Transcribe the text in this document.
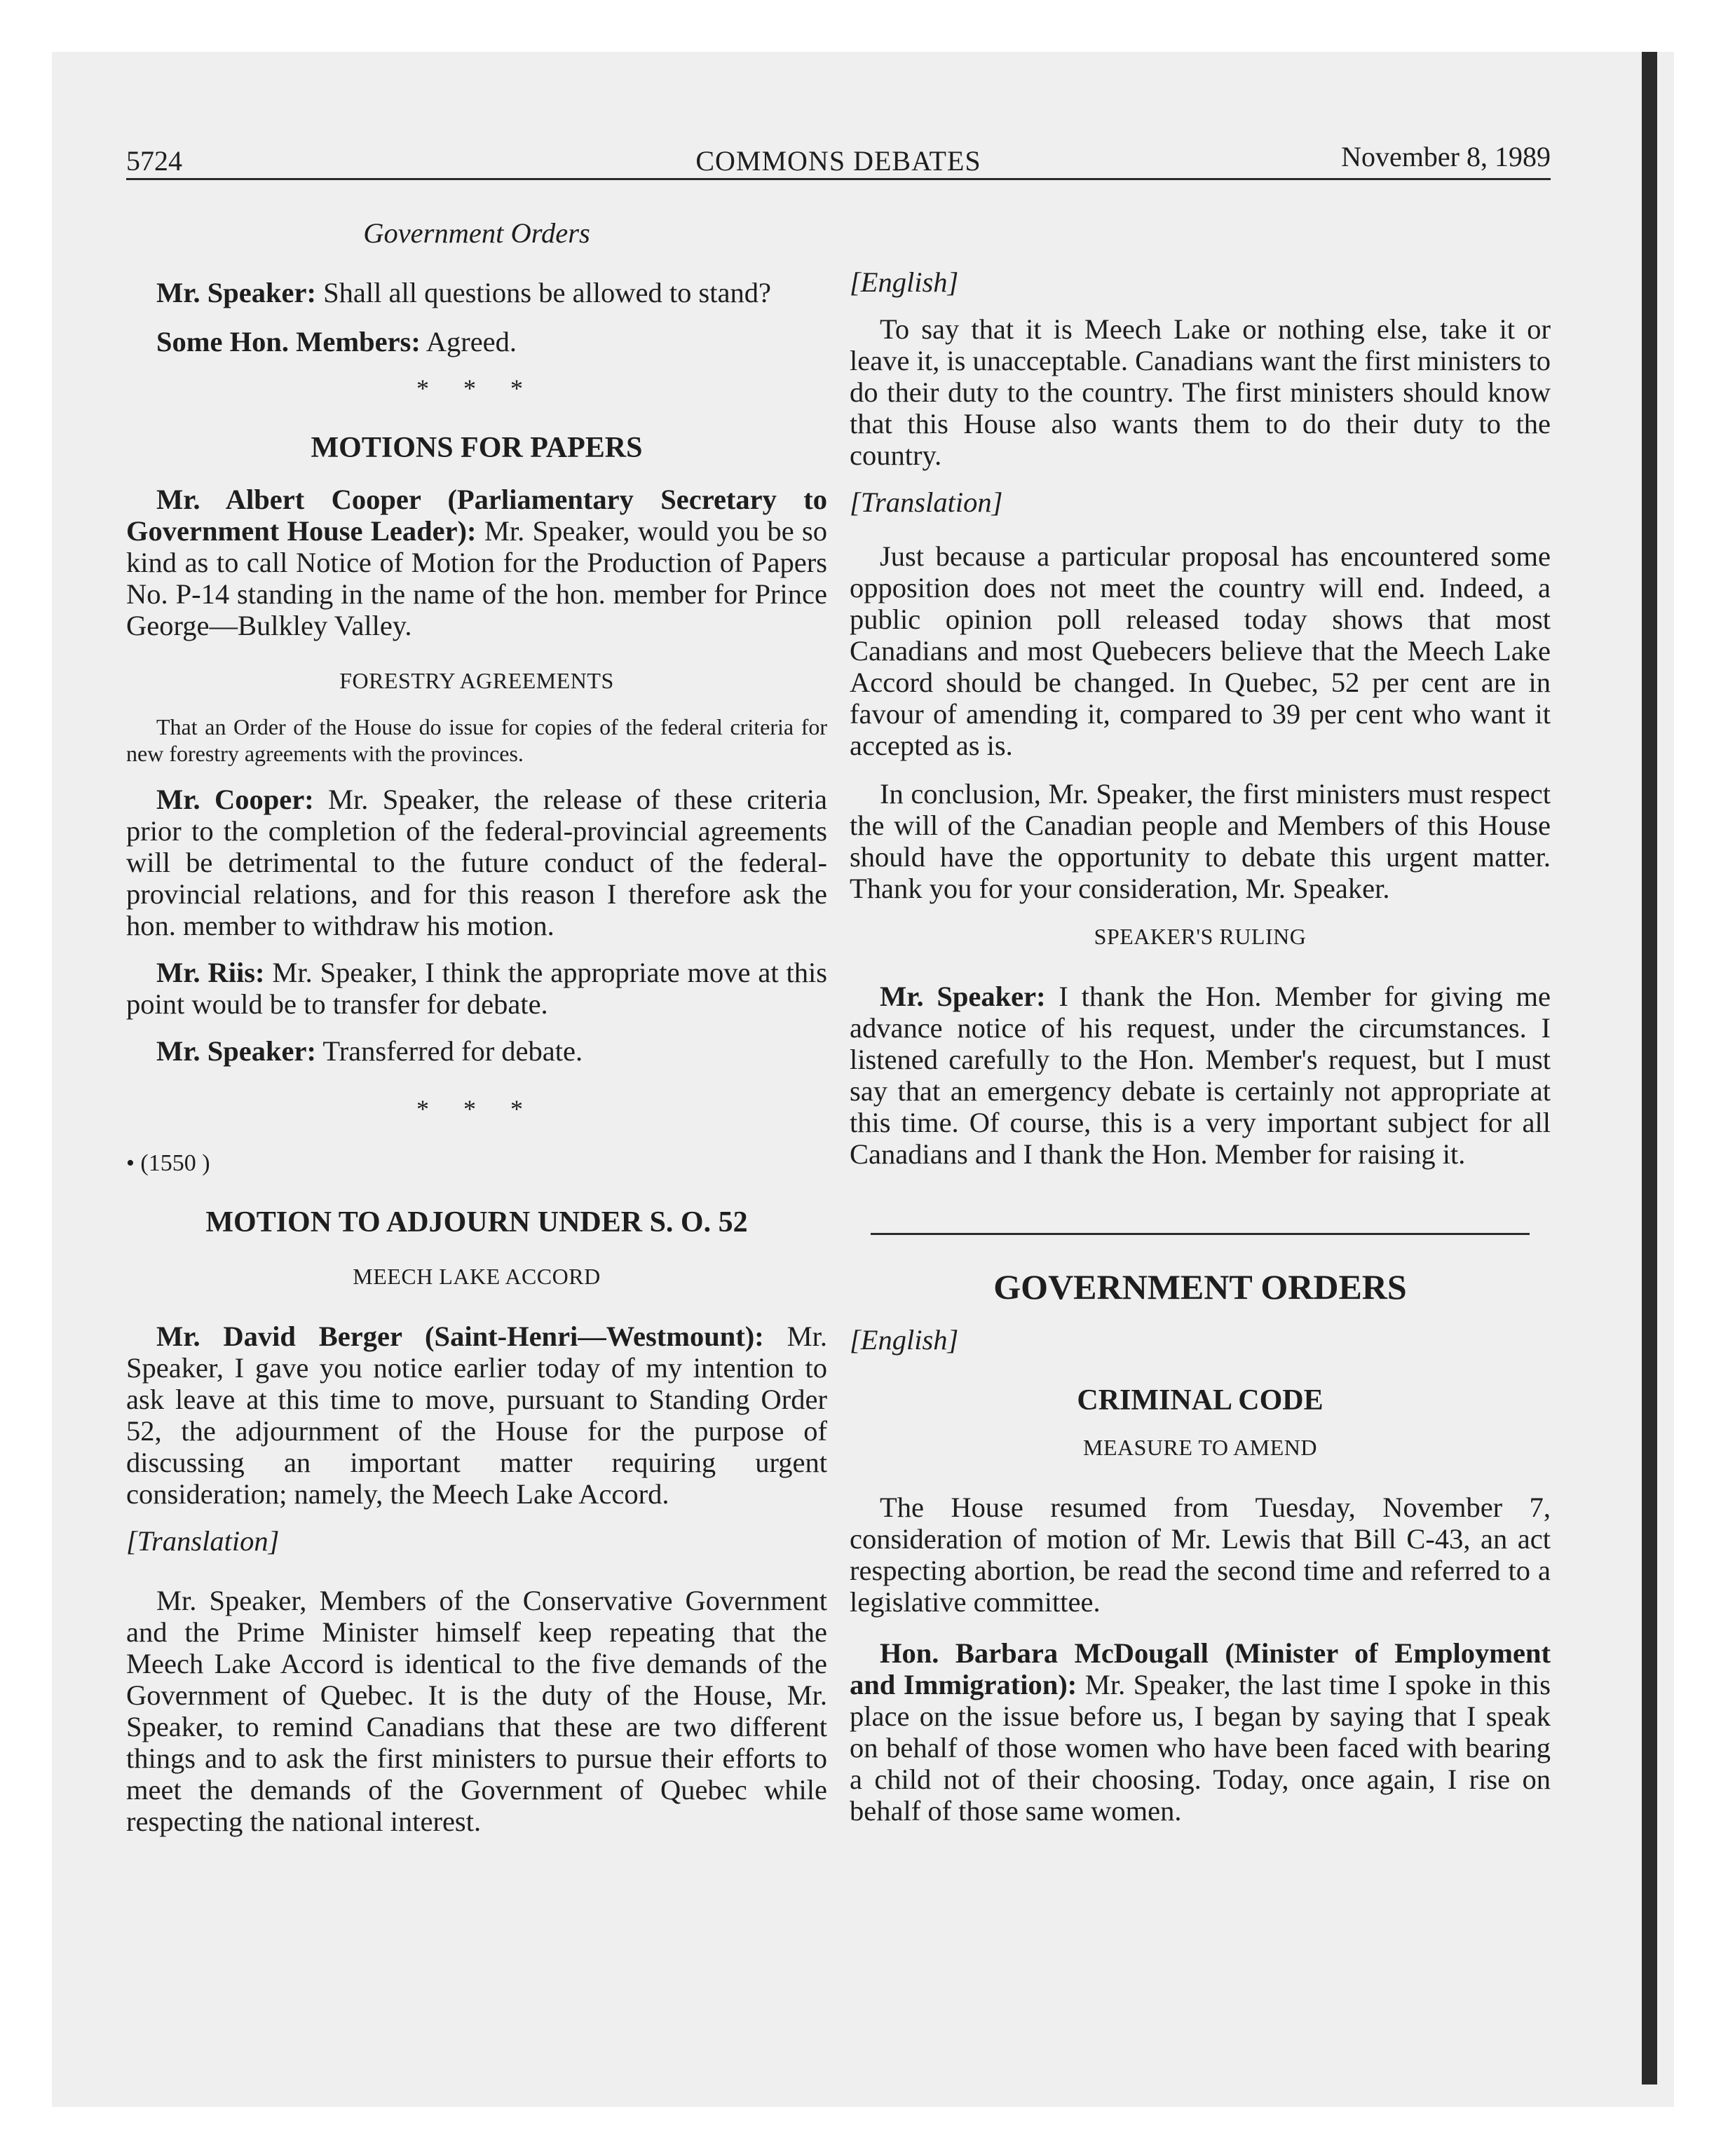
5724	COMMONS DEBATES	November 8, 1989

Government Orders

Mr. Speaker: Shall all questions be allowed to stand?

Some Hon. Members: Agreed.

* * *

MOTIONS FOR PAPERS

Mr. Albert Cooper (Parliamentary Secretary to Government House Leader): Mr. Speaker, would you be so kind as to call Notice of Motion for the Production of Papers No. P-14 standing in the name of the hon. member for Prince George—Bulkley Valley.

FORESTRY AGREEMENTS

That an Order of the House do issue for copies of the federal criteria for new forestry agreements with the provinces.

Mr. Cooper: Mr. Speaker, the release of these criteria prior to the completion of the federal-provincial agreements will be detrimental to the future conduct of the federal-provincial relations, and for this reason I therefore ask the hon. member to withdraw his motion.

Mr. Riis: Mr. Speaker, I think the appropriate move at this point would be to transfer for debate.

Mr. Speaker: Transferred for debate.

* * *

• (1550 )

MOTION TO ADJOURN UNDER S. O. 52

MEECH LAKE ACCORD

Mr. David Berger (Saint-Henri—Westmount): Mr. Speaker, I gave you notice earlier today of my intention to ask leave at this time to move, pursuant to Standing Order 52, the adjournment of the House for the purpose of discussing an important matter requiring urgent consideration; namely, the Meech Lake Accord.

[Translation]

Mr. Speaker, Members of the Conservative Government and the Prime Minister himself keep repeating that the Meech Lake Accord is identical to the five demands of the Government of Quebec. It is the duty of the House, Mr. Speaker, to remind Canadians that these are two different things and to ask the first ministers to pursue their efforts to meet the demands of the Government of Quebec while respecting the national interest.

[English]

To say that it is Meech Lake or nothing else, take it or leave it, is unacceptable. Canadians want the first ministers to do their duty to the country. The first ministers should know that this House also wants them to do their duty to the country.

[Translation]

Just because a particular proposal has encountered some opposition does not meet the country will end. Indeed, a public opinion poll released today shows that most Canadians and most Quebecers believe that the Meech Lake Accord should be changed. In Quebec, 52 per cent are in favour of amending it, compared to 39 per cent who want it accepted as is.

In conclusion, Mr. Speaker, the first ministers must respect the will of the Canadian people and Members of this House should have the opportunity to debate this urgent matter. Thank you for your consideration, Mr. Speaker.

SPEAKER'S RULING

Mr. Speaker: I thank the Hon. Member for giving me advance notice of his request, under the circumstances. I listened carefully to the Hon. Member's request, but I must say that an emergency debate is certainly not appropriate at this time. Of course, this is a very important subject for all Canadians and I thank the Hon. Member for raising it.

GOVERNMENT ORDERS

[English]

CRIMINAL CODE

MEASURE TO AMEND

The House resumed from Tuesday, November 7, consideration of motion of Mr. Lewis that Bill C-43, an act respecting abortion, be read the second time and referred to a legislative committee.

Hon. Barbara McDougall (Minister of Employment and Immigration): Mr. Speaker, the last time I spoke in this place on the issue before us, I began by saying that I speak on behalf of those women who have been faced with bearing a child not of their choosing. Today, once again, I rise on behalf of those same women.
